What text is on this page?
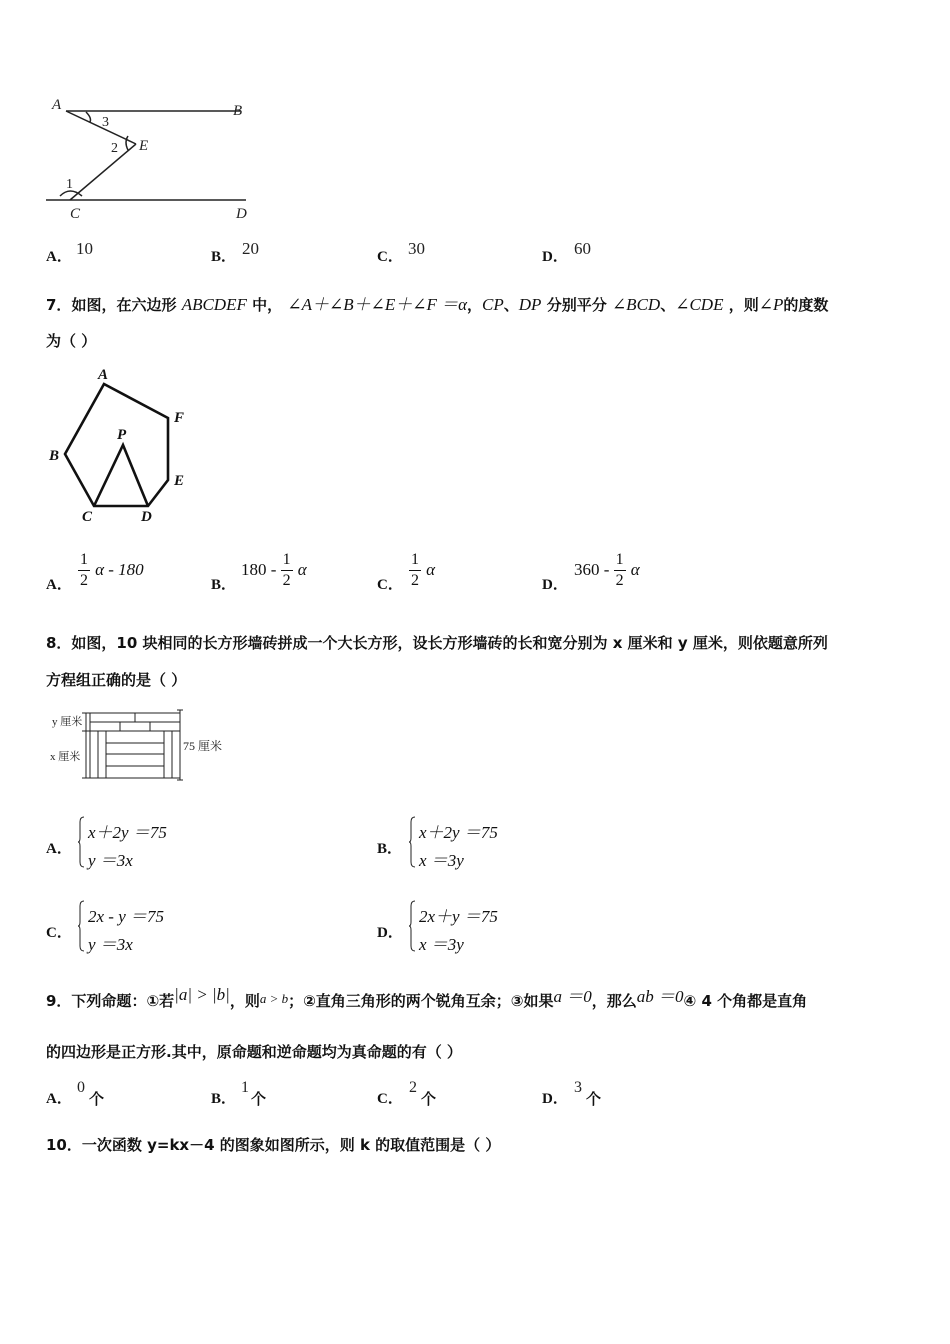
A	B
E
C	D
3
2
1
A． 10	B． 20	C． 30	D． 60
7．如图，在六边形 ABCDEF 中， ∠A＋∠B＋∠E＋∠F ＝α，CP、DP 分别平分 ∠BCD、∠CDE ，则∠P的度数
为（ ）
A
F
P
B
E
C	D
A． $\frac{1}{2}$ α - 180
B．
$180 - \frac{1}{2}$ α
C． $\frac{1}{2}$ α
D．
$360 - \frac{1}{2}$ α
8．如图，10 块相同的长方形墙砖拼成一个大长方形，设长方形墙砖的长和宽分别为 x 厘米和 y 厘米，则依题意所列
方程组正确的是（ ）
y 厘米
x 厘米
75 厘米
A．
x＋2y ＝75
y ＝3x
B．
x＋2y ＝75
x ＝3y
C．
2x - y ＝75
y ＝3x
D．
2x＋y ＝75
x ＝3y
9．下列命题：①若|a| > |b|，则a > b；②直角三角形的两个锐角互余；③如果a ＝0，那么ab ＝0④ 4 个角都是直角
的四边形是正方形.其中，原命题和逆命题均为真命题的有（ ）
A．
0
个	B．
1
个	C．
2
个	D．
3
个
10．一次函数 y=kx－4 的图象如图所示，则 k 的取值范围是（ ）
